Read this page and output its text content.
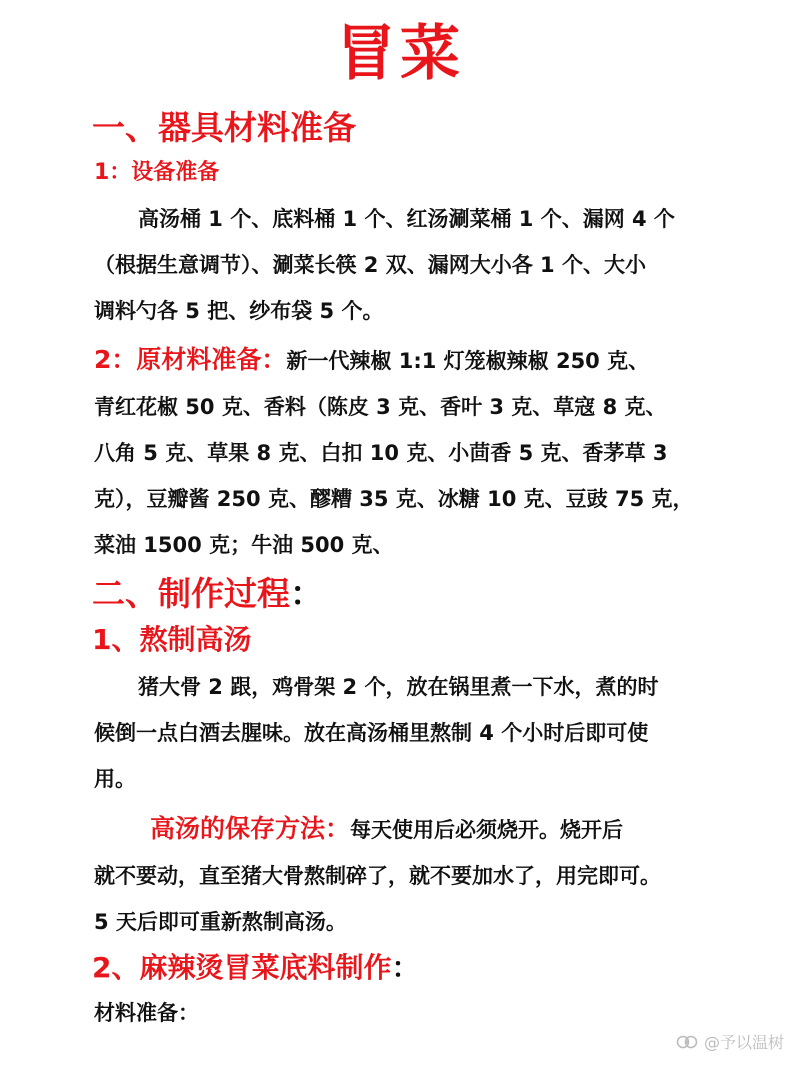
冒菜
一、器具材料准备
1：设备准备
高汤桶 1 个、底料桶 1 个、红汤涮菜桶 1 个、漏网 4 个
（根据生意调节）、涮菜长筷 2 双、漏网大小各 1 个、大小
调料勺各 5 把、纱布袋 5 个。
2：原材料准备：新一代辣椒 1:1 灯笼椒辣椒 250 克、
青红花椒 50 克、香料（陈皮 3 克、香叶 3 克、草寇 8 克、
八角 5 克、草果 8 克、白扣 10 克、小茴香 5 克、香茅草 3
克），豆瓣酱 250 克、醪糟 35 克、冰糖 10 克、豆豉 75 克，
菜油 1500 克；牛油 500 克、
二、制作过程：
1、熬制高汤
猪大骨 2 跟，鸡骨架 2 个，放在锅里煮一下水，煮的时
候倒一点白酒去腥味。放在高汤桶里熬制 4 个小时后即可使
用。
高汤的保存方法：每天使用后必须烧开。烧开后
就不要动，直至猪大骨熬制碎了，就不要加水了，用完即可。
5 天后即可重新熬制高汤。
2、麻辣烫冒菜底料制作：
材料准备：
@予以温树
